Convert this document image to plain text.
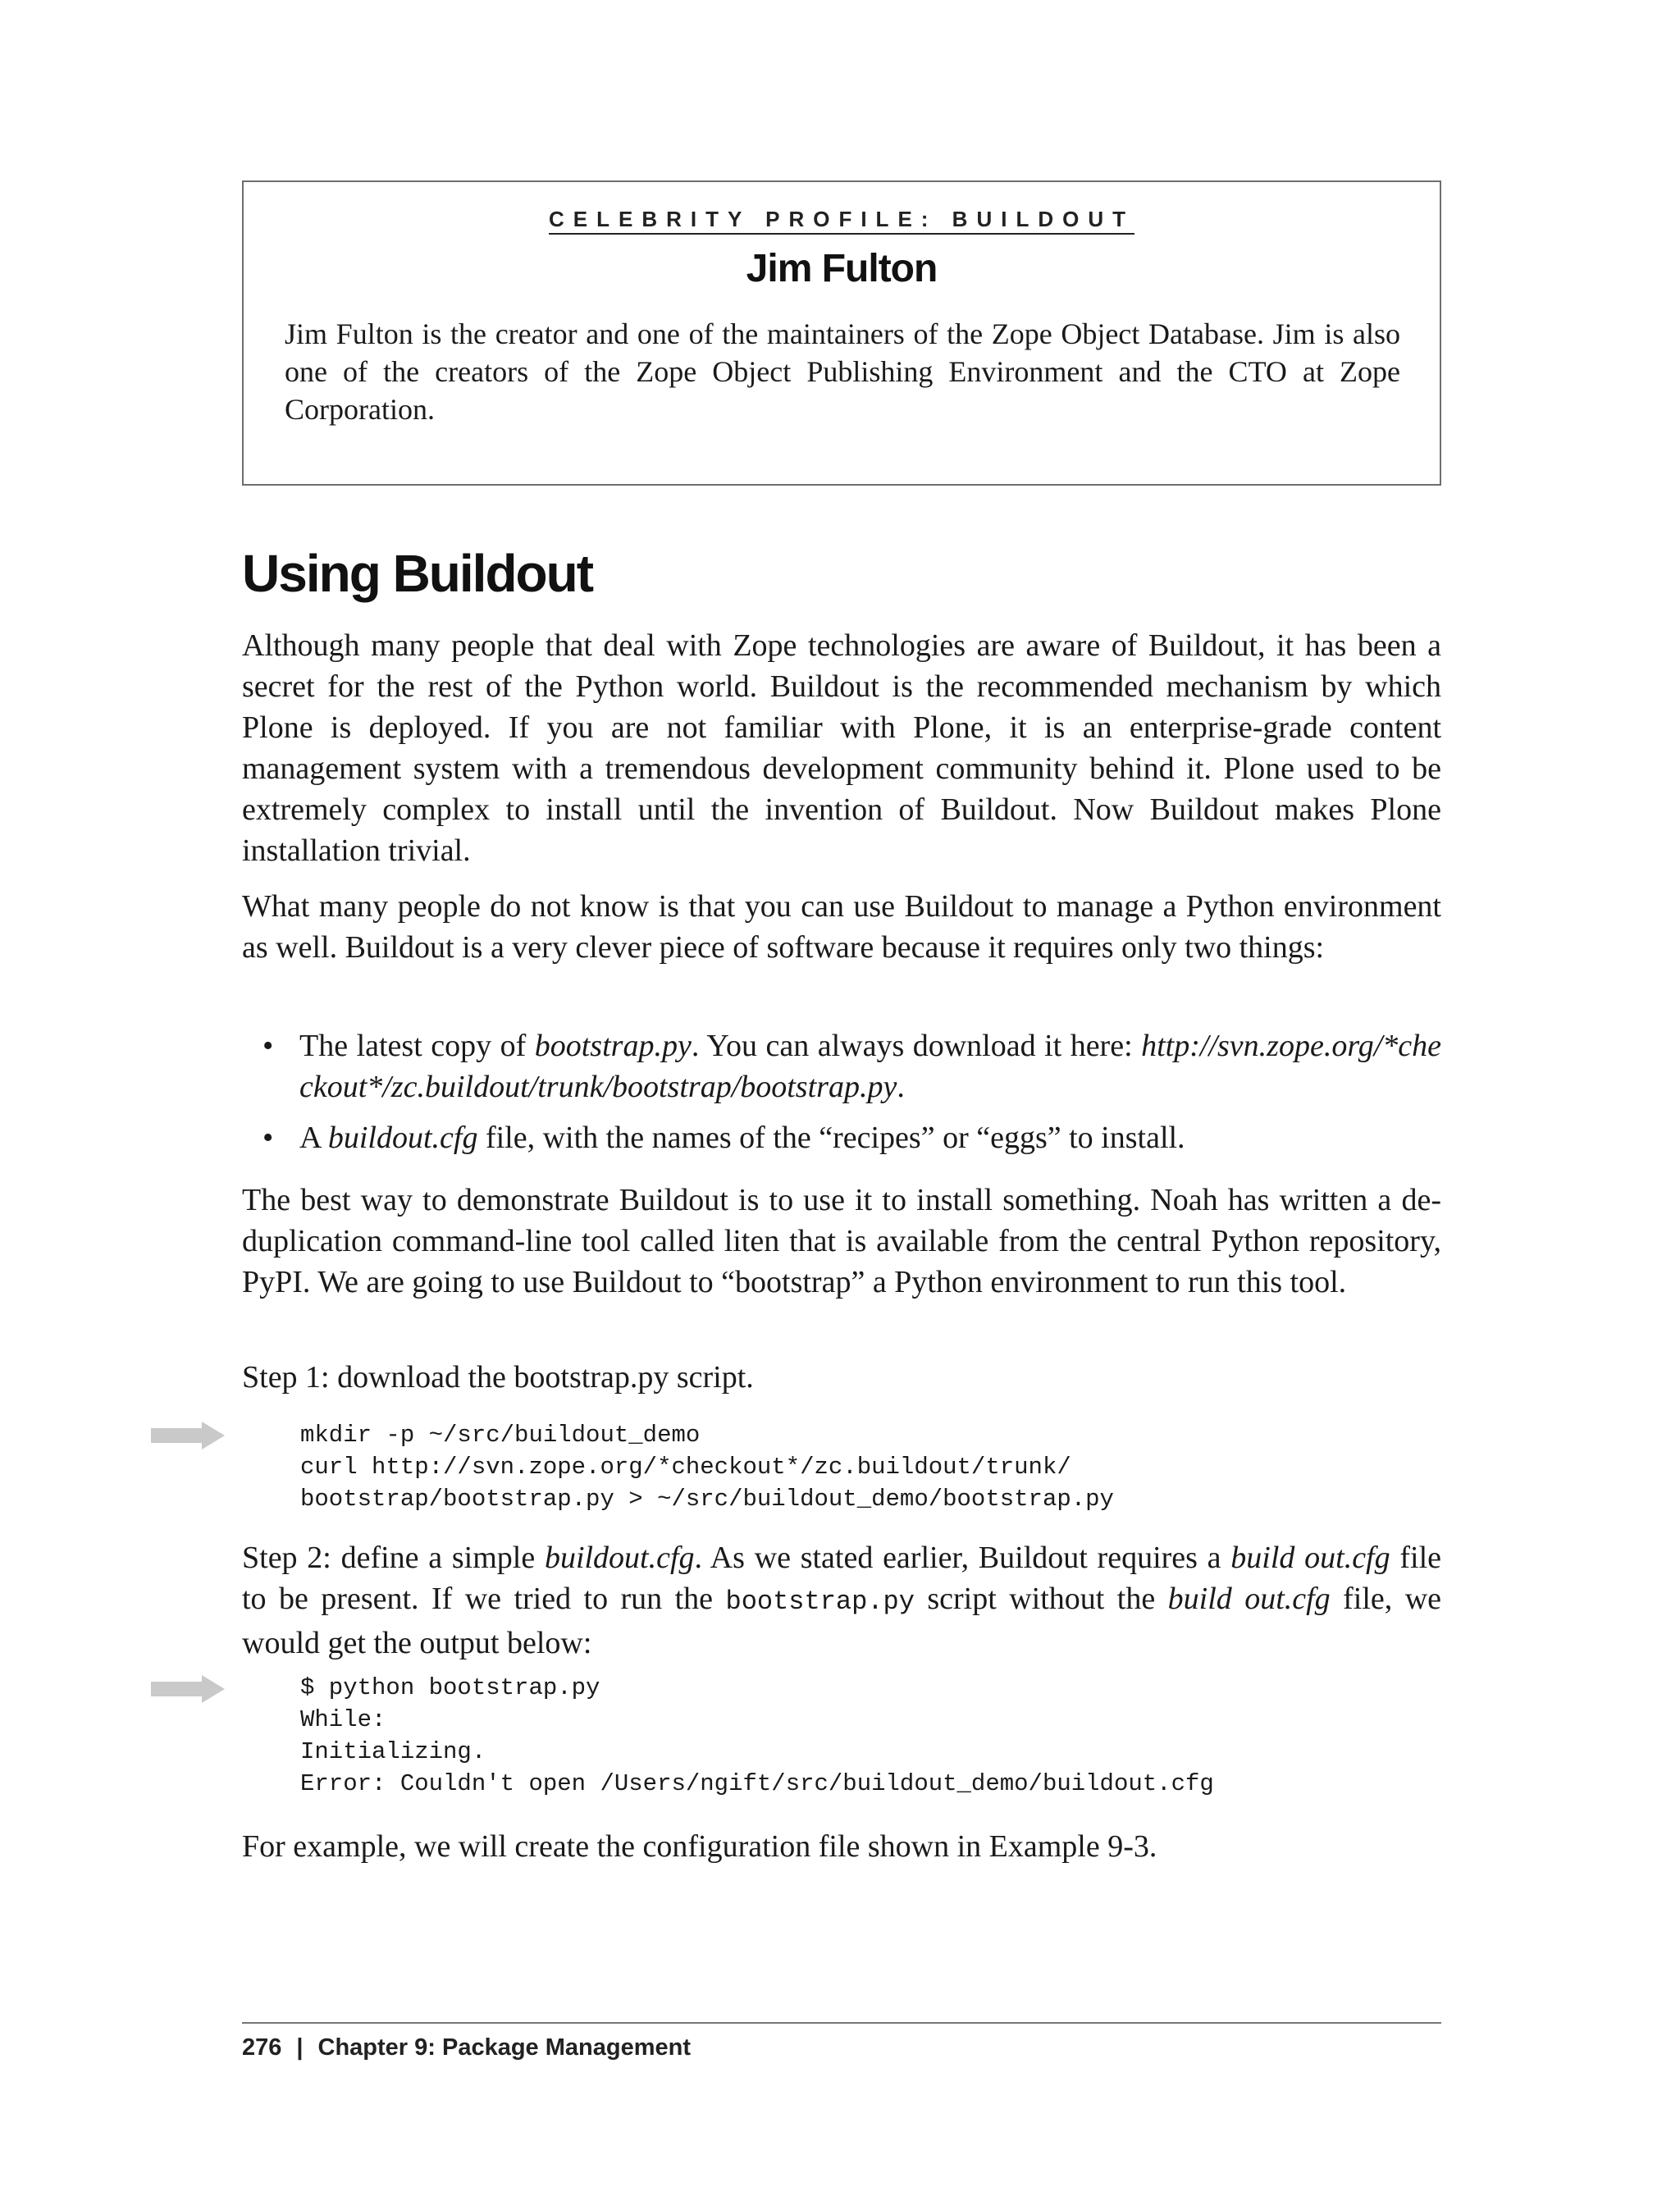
CELEBRITY PROFILE: BUILDOUT
Jim Fulton

Jim Fulton is the creator and one of the maintainers of the Zope Object Database. Jim is also one of the creators of the Zope Object Publishing Environment and the CTO at Zope Corporation.

Using Buildout

Although many people that deal with Zope technologies are aware of Buildout, it has been a secret for the rest of the Python world. Buildout is the recommended mechanism by which Plone is deployed. If you are not familiar with Plone, it is an enterprise-grade content management system with a tremendous development community behind it. Plone used to be extremely complex to install until the invention of Buildout. Now Buildout makes Plone installation trivial.

What many people do not know is that you can use Buildout to manage a Python environment as well. Buildout is a very clever piece of software because it requires only two things:

• The latest copy of bootstrap.py. You can always download it here: http://svn.zope.org/*checkout*/zc.buildout/trunk/bootstrap/bootstrap.py.
• A buildout.cfg file, with the names of the “recipes” or “eggs” to install.

The best way to demonstrate Buildout is to use it to install something. Noah has written a de-duplication command-line tool called liten that is available from the central Python repository, PyPI. We are going to use Buildout to “bootstrap” a Python environment to run this tool.

Step 1: download the bootstrap.py script.

mkdir -p ~/src/buildout_demo
curl http://svn.zope.org/*checkout*/zc.buildout/trunk/
bootstrap/bootstrap.py > ~/src/buildout_demo/bootstrap.py

Step 2: define a simple buildout.cfg. As we stated earlier, Buildout requires a build out.cfg file to be present. If we tried to run the bootstrap.py script without the build out.cfg file, we would get the output below:

$ python bootstrap.py
While:
Initializing.
Error: Couldn't open /Users/ngift/src/buildout_demo/buildout.cfg

For example, we will create the configuration file shown in Example 9-3.

276 | Chapter 9: Package Management
